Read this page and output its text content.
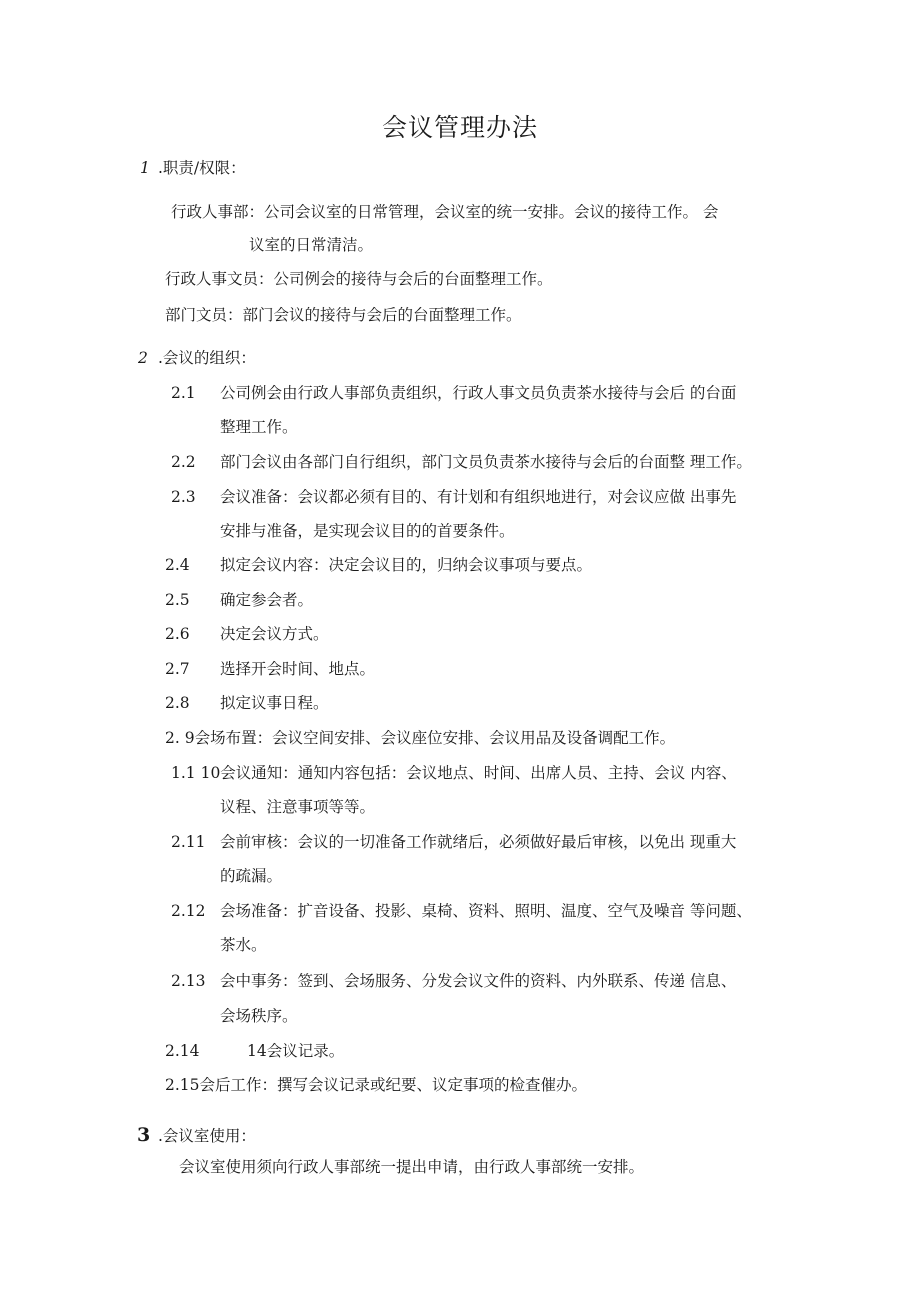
会议管理办法
1 .职责/权限：
行政人事部：公司会议室的日常管理，会议室的统一安排。会议的接待工作。 会
议室的日常清洁。
行政人事文员：公司例会的接待与会后的台面整理工作。
部门文员：部门会议的接待与会后的台面整理工作。
2 .会议的组织：
2.1 公司例会由行政人事部负责组织，行政人事文员负责茶水接待与会后 的台面
整理工作。
2.2 部门会议由各部门自行组织，部门文员负责茶水接待与会后的台面整 理工作。
2.3 会议准备：会议都必须有目的、有计划和有组织地进行，对会议应做 出事先
安排与准备，是实现会议目的的首要条件。
2.4 拟定会议内容：决定会议目的，归纳会议事项与要点。
2.5 确定参会者。
2.6 决定会议方式。
2.7 选择开会时间、地点。
2.8 拟定议事日程。
2. 9会场布置：会议空间安排、会议座位安排、会议用品及设备调配工作。
1.1 10会议通知：通知内容包括：会议地点、时间、出席人员、主持、会议 内容、
议程、注意事项等等。
2.11 会前审核：会议的一切准备工作就绪后，必须做好最后审核，以免出 现重大
的疏漏。
2.12 会场准备：扩音设备、投影、桌椅、资料、照明、温度、空气及噪音 等问题、
茶水。
2.13 会中事务：签到、会场服务、分发会议文件的资料、内外联系、传递 信息、
会场秩序。
2.14	14会议记录。
2.15会后工作：撰写会议记录或纪要、议定事项的检查催办。
3 .会议室使用：
会议室使用须向行政人事部统一提出申请，由行政人事部统一安排。
